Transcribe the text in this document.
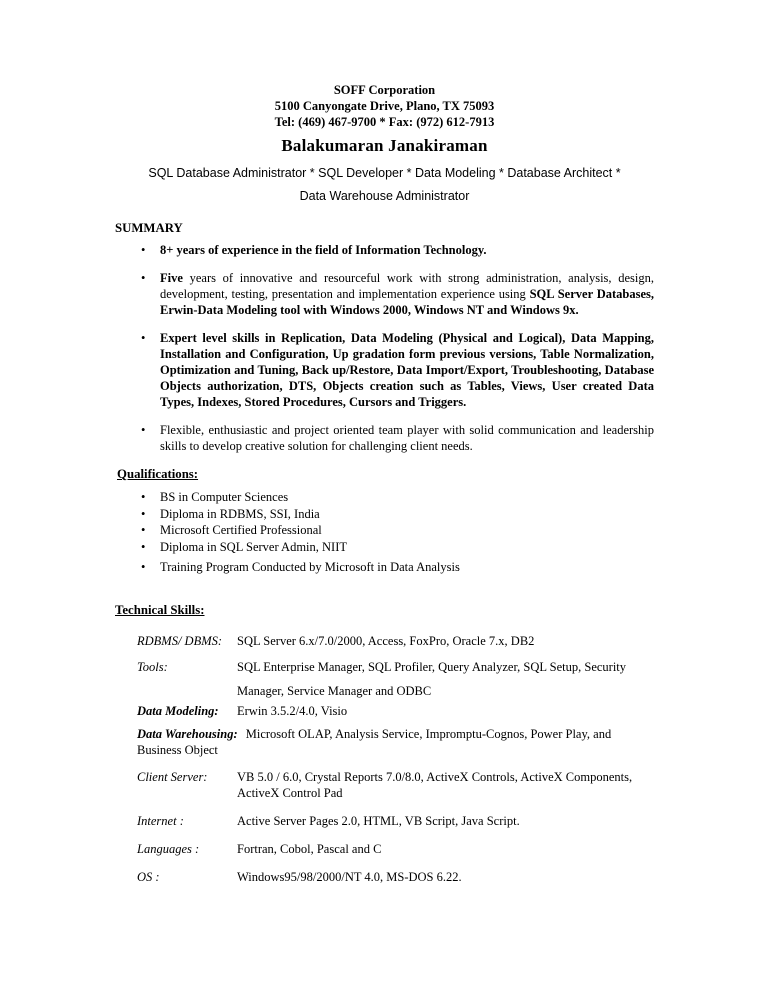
SOFF Corporation
5100 Canyongate Drive, Plano, TX 75093
Tel: (469) 467-9700 * Fax: (972) 612-7913
Balakumaran Janakiraman
SQL Database Administrator * SQL Developer * Data Modeling * Database Architect *
Data Warehouse Administrator
SUMMARY
• 8+ years of experience in the field of Information Technology.
• Five years of innovative and resourceful work with strong administration, analysis, design, development, testing, presentation and implementation experience using SQL Server Databases, Erwin-Data Modeling tool with Windows 2000, Windows NT and Windows 9x.
• Expert level skills in Replication, Data Modeling (Physical and Logical), Data Mapping, Installation and Configuration, Up gradation form previous versions, Table Normalization, Optimization and Tuning, Back up/Restore, Data Import/Export, Troubleshooting, Database Objects authorization, DTS, Objects creation such as Tables, Views, User created Data Types, Indexes, Stored Procedures, Cursors and Triggers.
• Flexible, enthusiastic and project oriented team player with solid communication and leadership skills to develop creative solution for challenging client needs.
Qualifications:
• BS in Computer Sciences
• Diploma in RDBMS, SSI, India
• Microsoft Certified Professional
• Diploma in SQL Server Admin, NIIT
• Training Program Conducted by Microsoft in Data Analysis
Technical Skills:
RDBMS/ DBMS:	SQL Server 6.x/7.0/2000, Access, FoxPro, Oracle 7.x, DB2
Tools:	SQL Enterprise Manager, SQL Profiler, Query Analyzer, SQL Setup, Security Manager, Service Manager and ODBC
Data Modeling:	Erwin 3.5.2/4.0, Visio
Data Warehousing: Microsoft OLAP, Analysis Service, Impromptu-Cognos, Power Play, and Business Object
Client Server:	VB 5.0 / 6.0, Crystal Reports 7.0/8.0, ActiveX Controls, ActiveX Components, ActiveX Control Pad
Internet :	Active Server Pages 2.0, HTML, VB Script, Java Script.
Languages :	Fortran, Cobol, Pascal and C
OS :	Windows95/98/2000/NT 4.0, MS-DOS 6.22.
